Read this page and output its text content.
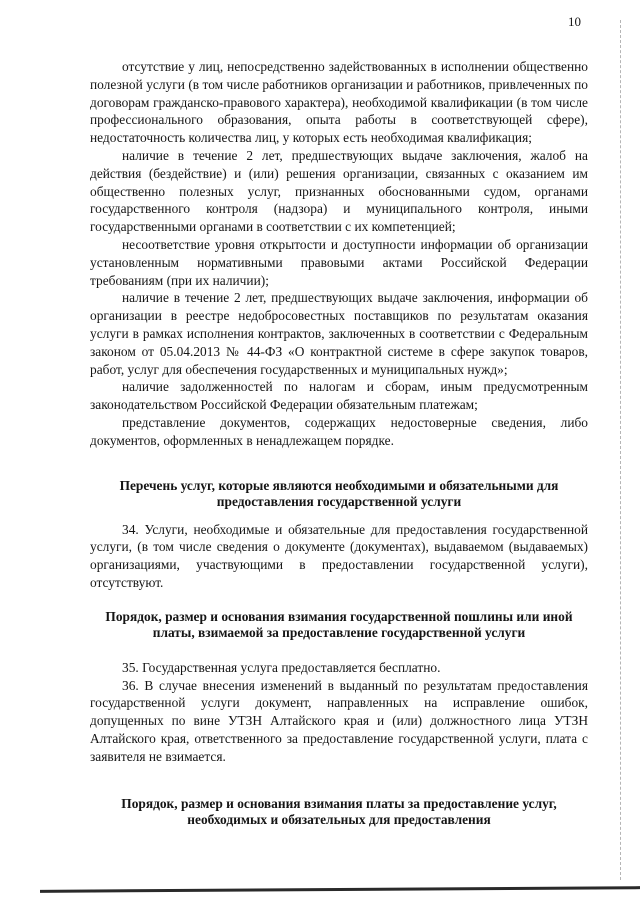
10

отсутствие у лиц, непосредственно задействованных в исполнении общественно полезной услуги (в том числе работников организации и работников, привлеченных по договорам гражданско-правового характера), необходимой квалификации (в том числе профессионального образования, опыта работы в соответствующей сфере), недостаточность количества лиц, у которых есть необходимая квалификация;

наличие в течение 2 лет, предшествующих выдаче заключения, жалоб на действия (бездействие) и (или) решения организации, связанных с оказанием им общественно полезных услуг, признанных обоснованными судом, органами государственного контроля (надзора) и муниципального контроля, иными государственными органами в соответствии с их компетенцией;

несоответствие уровня открытости и доступности информации об организации установленным нормативными правовыми актами Российской Федерации требованиям (при их наличии);

наличие в течение 2 лет, предшествующих выдаче заключения, информации об организации в реестре недобросовестных поставщиков по результатам оказания услуги в рамках исполнения контрактов, заключенных в соответствии с Федеральным законом от 05.04.2013 № 44-ФЗ «О контрактной системе в сфере закупок товаров, работ, услуг для обеспечения государственных и муниципальных нужд»;

наличие задолженностей по налогам и сборам, иным предусмотренным законодательством Российской Федерации обязательным платежам;

представление документов, содержащих недостоверные сведения, либо документов, оформленных в ненадлежащем порядке.

Перечень услуг, которые являются необходимыми и обязательными для предоставления государственной услуги

34. Услуги, необходимые и обязательные для предоставления государственной услуги, (в том числе сведения о документе (документах), выдаваемом (выдаваемых) организациями, участвующими в предоставлении государственной услуги), отсутствуют.

Порядок, размер и основания взимания государственной пошлины или иной платы, взимаемой за предоставление государственной услуги

35. Государственная услуга предоставляется бесплатно.

36. В случае внесения изменений в выданный по результатам предоставления государственной услуги документ, направленных на исправление ошибок, допущенных по вине УТЗН Алтайского края и (или) должностного лица УТЗН Алтайского края, ответственного за предоставление государственной услуги, плата с заявителя не взимается.

Порядок, размер и основания взимания платы за предоставление услуг, необходимых и обязательных для предоставления
